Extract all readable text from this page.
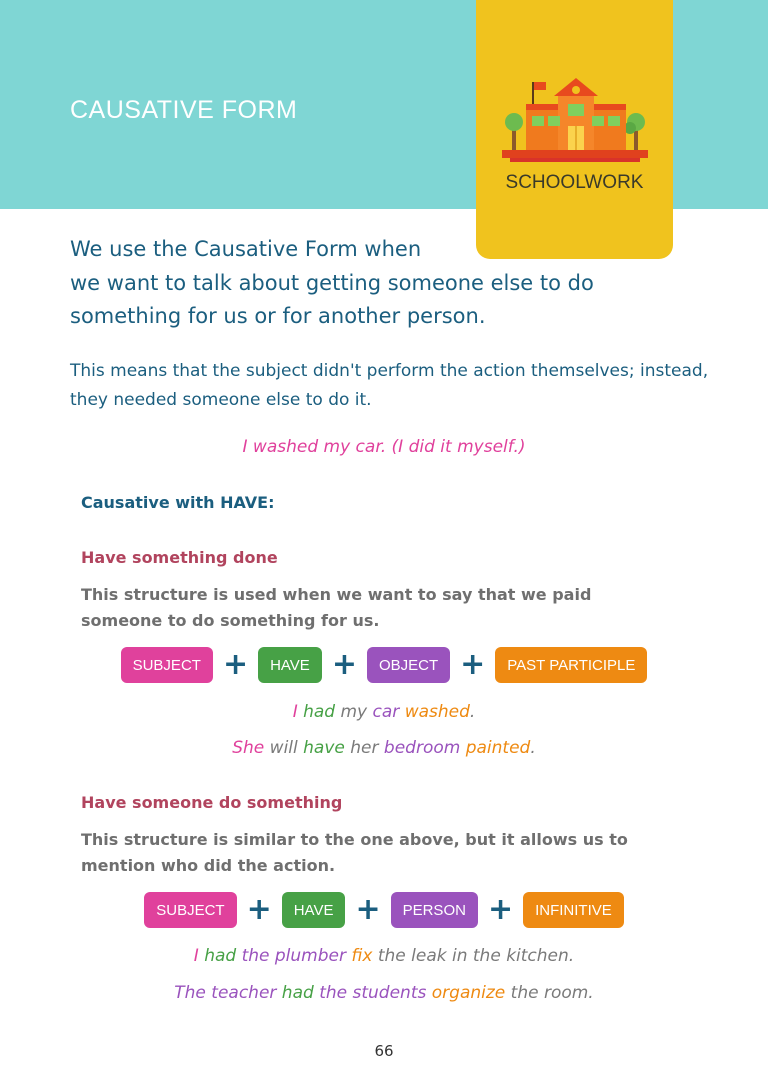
CAUSATIVE FORM
SCHOOLWORK
We use the Causative Form when
we want to talk about getting someone else to do something for us or for another person.
This means that the subject didn't perform the action themselves; instead, they needed someone else to do it.
I washed my car. (I did it myself.)
Causative with HAVE:
Have something done
This structure is used when we want to say that we paid someone to do something for us.
SUBJECT +	HAVE +	OBJECT +	PAST PARTICIPLE
I had my car washed.
She will have her bedroom painted.
Have someone do something
This structure is similar to the one above, but it allows us to mention who did the action.
SUBJECT +	HAVE +	PERSON +	INFINITIVE
I had the plumber fix the leak in the kitchen.
The teacher had the students organize the room.
66
